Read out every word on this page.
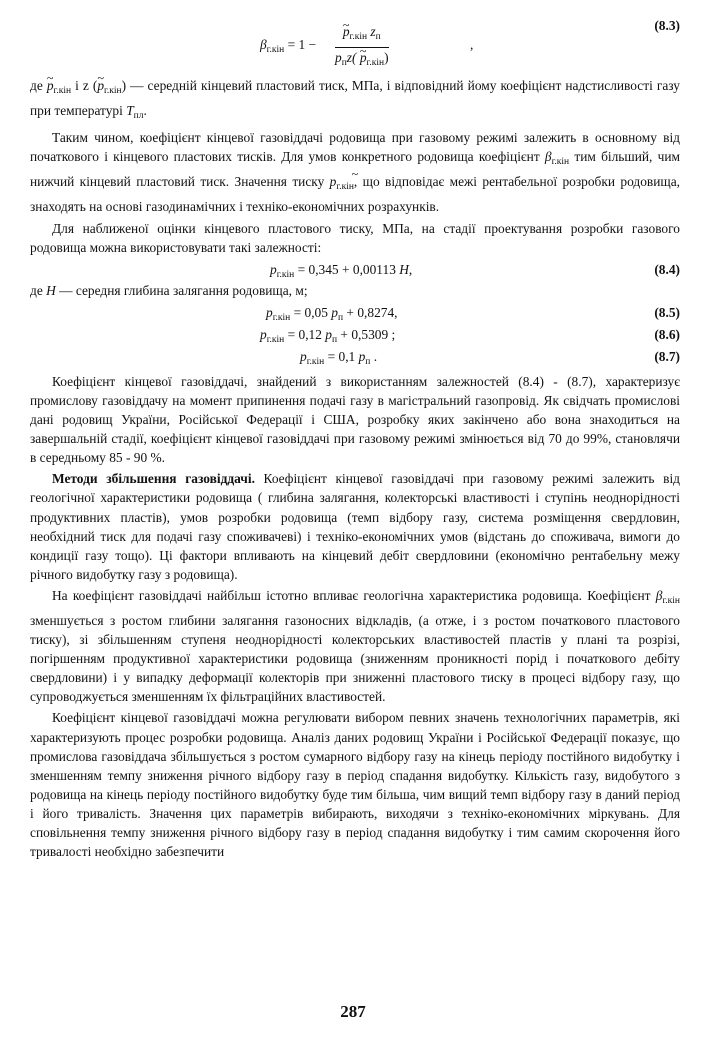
$\beta_{г.кін} = 1$ −
~ $p_{г.кін}$ $z_п$
$p_пz$( ~ $p_{г.кін}$)
,
(8.3)

де ~ $p_{г.кін}$ і z (~ $p_{г.кін}$) — середній кінцевий пластовий тиск, МПа, і відповідний йому коефіцієнт надстисливості газу при температурі $T_{пл}$.

Таким чином, коефіцієнт кінцевої газовіддачі родовища при газовому режимі залежить в основному від початкового і кінцевого пластових тисків. Для умов конкретного родовища коефіцієнт $\beta_{г.кін}$ тим більший, чим нижчий кінцевий пластовий тиск. Значення тиску ~ $p_{г.кін}$, що відповідає межі рентабельної розробки родовища, знаходять на основі газодинамічних і техніко-економічних розрахунків.

Для наближеної оцінки кінцевого пластового тиску, МПа, на стадії проектування розробки газового родовища можна використовувати такі залежності:

$p_{г.кін} = 0,345 + 0,00113$ H,	(8.4)

де H — середня глибина залягання родовища, м;

$p_{г.кін} = 0,05$ $p_п + 0,8274$,	(8.5)
$p_{г.кін} = 0,12$ $p_п + 0,5309$ ;	(8.6)
$p_{г.кін} = 0,1$ $p_п$ .	(8.7)

Коефіцієнт кінцевої газовіддачі, знайдений з використанням залежностей (8.4) - (8.7), характеризує промислову газовіддачу на момент припинення подачі газу в магістральний газопровід. Як свідчать промислові дані родовищ України, Російської Федерації і США, розробку яких закінчено або вона знаходиться на завершальній стадії, коефіцієнт кінцевої газовіддачі при газовому режимі змінюється від 70 до 99%, становлячи в середньому 85 - 90 %.

Методи збільшення газовіддачі. Коефіцієнт кінцевої газовіддачі при газовому режимі залежить від геологічної характеристики родовища ( глибина залягання, колекторські властивості і ступінь неоднорідності продуктивних пластів), умов розробки родовища (темп відбору газу, система розміщення свердловин, необхідний тиск для подачі газу споживачеві) і техніко-економічних умов (відстань до споживача, вимоги до кондиції газу тощо). Ці фактори впливають на кінцевий дебіт свердловини (економічно рентабельну межу річного видобутку газу з родовища).

На коефіцієнт газовіддачі найбільш істотно впливає геологічна характеристика родовища. Коефіцієнт $\beta_{г.кін}$ зменшується з ростом глибини залягання газоносних відкладів, (а отже, і з ростом початкового пластового тиску), зі збільшенням ступеня неоднорідності колекторських властивостей пластів у плані та розрізі, погіршенням продуктивної характеристики родовища (зниженням проникності порід і початкового дебіту свердловини) і у випадку деформації колекторів при зниженні пластового тиску в процесі відбору газу, що супроводжується зменшенням їх фільтраційних властивостей.

Коефіцієнт кінцевої газовіддачі можна регулювати вибором певних значень технологічних параметрів, які характеризують процес розробки родовища. Аналіз даних родовищ України і Російської Федерації показує, що промислова газовіддача збільшується з ростом сумарного відбору газу на кінець періоду постійного видобутку і зменшенням темпу зниження річного відбору газу в період спадання видобутку. Кількість газу, видобутого з родовища на кінець періоду постійного видобутку буде тим більша, чим вищий темп відбору газу в даний період і його тривалість. Значення цих параметрів вибирають, виходячи з техніко-економічних міркувань. Для сповільнення темпу зниження річного відбору газу в період спадання видобутку і тим самим скорочення його тривалості необхідно забезпечити

287
